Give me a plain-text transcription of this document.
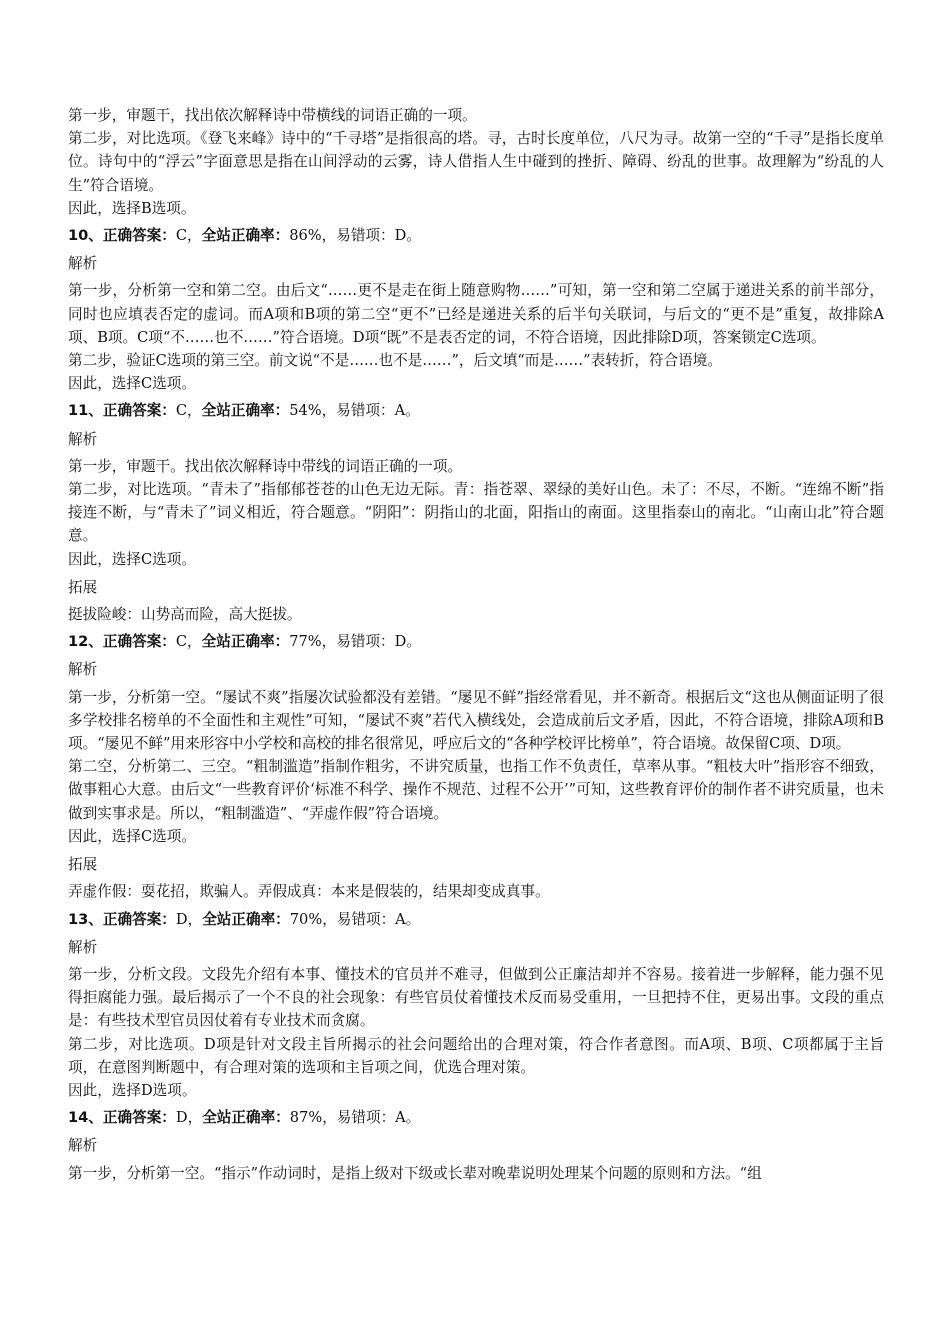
第一步，审题干，找出依次解释诗中带横线的词语正确的一项。
第二步，对比选项。《登飞来峰》诗中的“千寻塔”是指很高的塔。寻，古时长度单位，八尺为寻。故第一空的“千寻”是指长度单位。诗句中的“浮云”字面意思是指在山间浮动的云雾，诗人借指人生中碰到的挫折、障碍、纷乱的世事。故理解为“纷乱的人生”符合语境。
因此，选择B选项。
10、正确答案：C，全站正确率：86%，易错项：D。
解析
第一步，分析第一空和第二空。由后文“……更不是走在街上随意购物……”可知，第一空和第二空属于递进关系的前半部分，同时也应填表否定的虚词。而A项和B项的第二空“更不”已经是递进关系的后半句关联词，与后文的“更不是”重复，故排除A项、B项。C项“不……也不……”符合语境。D项“既”不是表否定的词，不符合语境，因此排除D项，答案锁定C选项。
第二步，验证C选项的第三空。前文说“不是……也不是……”，后文填“而是……”表转折，符合语境。
因此，选择C选项。
11、正确答案：C，全站正确率：54%，易错项：A。
解析
第一步，审题干。找出依次解释诗中带线的词语正确的一项。
第二步，对比选项。“青未了”指郁郁苍苍的山色无边无际。青：指苍翠、翠绿的美好山色。未了：不尽，不断。“连绵不断”指接连不断，与“青未了”词义相近，符合题意。“阴阳”：阴指山的北面，阳指山的南面。这里指泰山的南北。“山南山北”符合题意。
因此，选择C选项。
拓展
挺拔险峻：山势高而险，高大挺拔。
12、正确答案：C，全站正确率：77%，易错项：D。
解析
第一步，分析第一空。“屡试不爽”指屡次试验都没有差错。“屡见不鲜”指经常看见，并不新奇。根据后文“这也从侧面证明了很多学校排名榜单的不全面性和主观性”可知，“屡试不爽”若代入横线处，会造成前后文矛盾，因此，不符合语境，排除A项和B项。“屡见不鲜”用来形容中小学校和高校的排名很常见，呼应后文的“各种学校评比榜单”，符合语境。故保留C项、D项。
第二空，分析第二、三空。“粗制滥造”指制作粗劣，不讲究质量，也指工作不负责任，草率从事。“粗枝大叶”指形容不细致，做事粗心大意。由后文“一些教育评价‘标准不科学、操作不规范、过程不公开’”可知，这些教育评价的制作者不讲究质量，也未做到实事求是。所以，“粗制滥造”、“弄虚作假”符合语境。
因此，选择C选项。
拓展
弄虚作假：耍花招，欺骗人。弄假成真：本来是假装的，结果却变成真事。
13、正确答案：D，全站正确率：70%，易错项：A。
解析
第一步，分析文段。文段先介绍有本事、懂技术的官员并不难寻，但做到公正廉洁却并不容易。接着进一步解释，能力强不见得拒腐能力强。最后揭示了一个不良的社会现象：有些官员仗着懂技术反而易受重用，一旦把持不住，更易出事。文段的重点是：有些技术型官员因仗着有专业技术而贪腐。
第二步，对比选项。D项是针对文段主旨所揭示的社会问题给出的合理对策，符合作者意图。而A项、B项、C项都属于主旨项，在意图判断题中，有合理对策的选项和主旨项之间，优选合理对策。
因此，选择D选项。
14、正确答案：D，全站正确率：87%，易错项：A。
解析
第一步，分析第一空。“指示”作动词时，是指上级对下级或长辈对晚辈说明处理某个问题的原则和方法。“组
